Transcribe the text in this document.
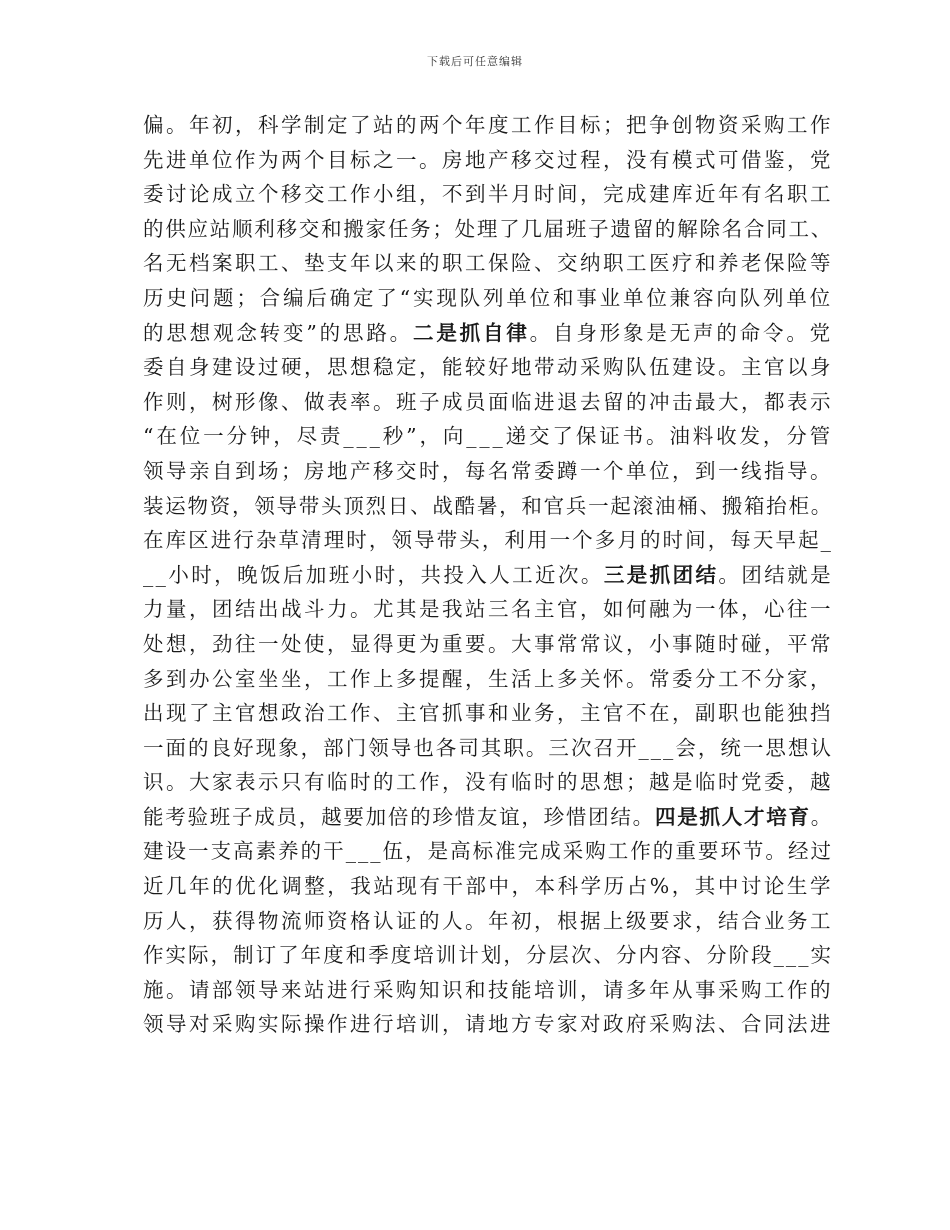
下载后可任意编辑
偏。年初，科学制定了站的两个年度工作目标；把争创物资采购工作
先进单位作为两个目标之一。房地产移交过程，没有模式可借鉴，党
委讨论成立个移交工作小组，不到半月时间，完成建库近年有名职工
的供应站顺利移交和搬家任务；处理了几届班子遗留的解除名合同工、
名无档案职工、垫支年以来的职工保险、交纳职工医疗和养老保险等
历史问题；合编后确定了“实现队列单位和事业单位兼容向队列单位
的思想观念转变”的思路。二是抓自律。自身形象是无声的命令。党
委自身建设过硬，思想稳定，能较好地带动采购队伍建设。主官以身
作则，树形像、做表率。班子成员面临进退去留的冲击最大，都表示
“在位一分钟，尽责___秒”，向___递交了保证书。油料收发，分管
领导亲自到场；房地产移交时，每名常委蹲一个单位，到一线指导。
装运物资，领导带头顶烈日、战酷暑，和官兵一起滚油桶、搬箱抬柜。
在库区进行杂草清理时，领导带头，利用一个多月的时间，每天早起_
__小时，晚饭后加班小时，共投入人工近次。三是抓团结。团结就是
力量，团结出战斗力。尤其是我站三名主官，如何融为一体，心往一
处想，劲往一处使，显得更为重要。大事常常议，小事随时碰，平常
多到办公室坐坐，工作上多提醒，生活上多关怀。常委分工不分家，
出现了主官想政治工作、主官抓事和业务，主官不在，副职也能独挡
一面的良好现象，部门领导也各司其职。三次召开___会，统一思想认
识。大家表示只有临时的工作，没有临时的思想；越是临时党委，越
能考验班子成员，越要加倍的珍惜友谊，珍惜团结。四是抓人才培育。
建设一支高素养的干___伍，是高标准完成采购工作的重要环节。经过
近几年的优化调整，我站现有干部中，本科学历占%，其中讨论生学
历人，获得物流师资格认证的人。年初，根据上级要求，结合业务工
作实际，制订了年度和季度培训计划，分层次、分内容、分阶段___实
施。请部领导来站进行采购知识和技能培训，请多年从事采购工作的
领导对采购实际操作进行培训，请地方专家对政府采购法、合同法进
